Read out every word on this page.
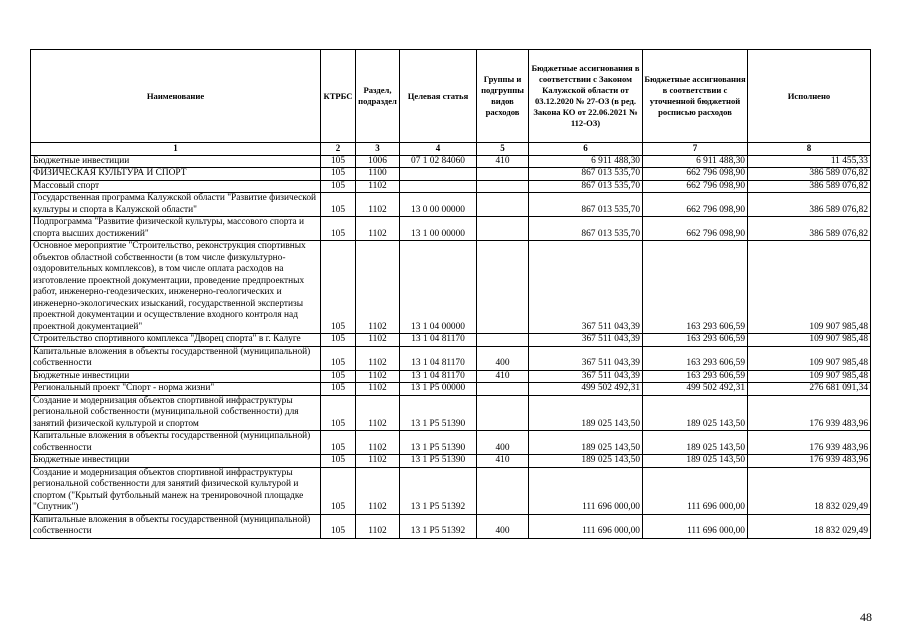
Наименование	КТРБС	Раздел, подраздел	Целевая статья	Группы и подгруппы видов расходов	Бюджетные ассигнования в соответствии с Законом Калужской области от 03.12.2020 № 27-ОЗ (в ред. Закона КО от 22.06.2021 № 112-ОЗ)	Бюджетные ассигнования в соответствии с уточненной бюджетной росписью расходов	Исполнено
1	2	3	4	5	6	7	8
Бюджетные инвестиции	105	1006	07 1 02 84060	410	6 911 488,30	6 911 488,30	11 455,33
ФИЗИЧЕСКАЯ КУЛЬТУРА И СПОРТ	105	1100			867 013 535,70	662 796 098,90	386 589 076,82
Массовый спорт	105	1102			867 013 535,70	662 796 098,90	386 589 076,82
Государственная программа Калужской области "Развитие физической культуры и спорта в Калужской области"	105	1102	13 0 00 00000		867 013 535,70	662 796 098,90	386 589 076,82
Подпрограмма "Развитие физической культуры, массового спорта и спорта высших достижений"	105	1102	13 1 00 00000		867 013 535,70	662 796 098,90	386 589 076,82
Основное мероприятие "Строительство, реконструкция спортивных объектов областной собственности (в том числе физкультурно-оздоровительных комплексов), в том числе оплата расходов на изготовление проектной документации, проведение предпроектных работ, инженерно-геодезических, инженерно-геологических и инженерно-экологических изысканий, государственной экспертизы проектной документации и осуществление входного контроля над проектной документацией"	105	1102	13 1 04 00000		367 511 043,39	163 293 606,59	109 907 985,48
Строительство спортивного комплекса "Дворец спорта" в г. Калуге	105	1102	13 1 04 81170		367 511 043,39	163 293 606,59	109 907 985,48
Капитальные вложения в объекты государственной (муниципальной) собственности	105	1102	13 1 04 81170	400	367 511 043,39	163 293 606,59	109 907 985,48
Бюджетные инвестиции	105	1102	13 1 04 81170	410	367 511 043,39	163 293 606,59	109 907 985,48
Региональный проект "Спорт - норма жизни"	105	1102	13 1 P5 00000		499 502 492,31	499 502 492,31	276 681 091,34
Создание и модернизация объектов спортивной инфраструктуры региональной собственности (муниципальной собственности) для занятий физической культурой и спортом	105	1102	13 1 P5 51390		189 025 143,50	189 025 143,50	176 939 483,96
Капитальные вложения в объекты государственной (муниципальной) собственности	105	1102	13 1 P5 51390	400	189 025 143,50	189 025 143,50	176 939 483,96
Бюджетные инвестиции	105	1102	13 1 P5 51390	410	189 025 143,50	189 025 143,50	176 939 483,96
Создание и модернизация объектов спортивной инфраструктуры региональной собственности для занятий физической культурой и спортом ("Крытый футбольный манеж на тренировочной площадке "Спутник")	105	1102	13 1 P5 51392		111 696 000,00	111 696 000,00	18 832 029,49
Капитальные вложения в объекты государственной (муниципальной) собственности	105	1102	13 1 P5 51392	400	111 696 000,00	111 696 000,00	18 832 029,49
48
